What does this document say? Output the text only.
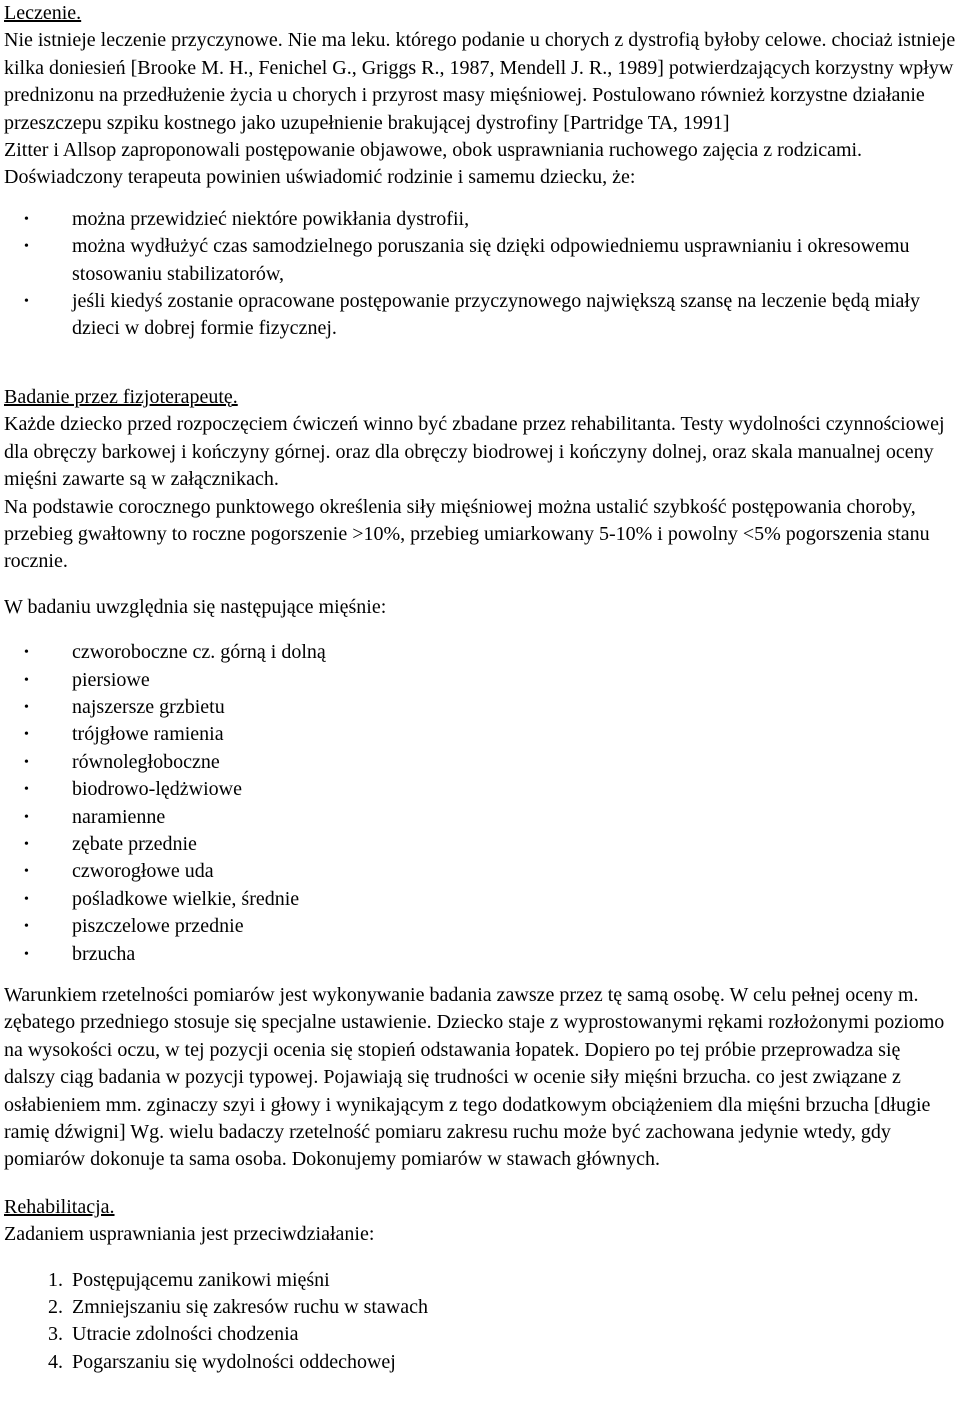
Leczenie.

Nie istnieje leczenie przyczynowe. Nie ma leku. którego podanie u chorych z dystrofią byłoby celowe. chociaż istnieje kilka doniesień [Brooke M. H., Fenichel G., Griggs R., 1987, Mendell J. R., 1989] potwierdzających korzystny wpływ prednizonu na przedłużenie życia u chorych i przyrost masy mięśniowej. Postulowano również korzystne działanie przeszczepu szpiku kostnego jako uzupełnienie brakującej dystrofiny [Partridge TA, 1991]

Zitter i Allsop zaproponowali postępowanie objawowe, obok usprawniania ruchowego zajęcia z rodzicami. Doświadczony terapeuta powinien uświadomić rodzinie i samemu dziecku, że:

• można przewidzieć niektóre powikłania dystrofii,
• można wydłużyć czas samodzielnego poruszania się dzięki odpowiedniemu usprawnianiu i okresowemu stosowaniu stabilizatorów,
• jeśli kiedyś zostanie opracowane postępowanie przyczynowego największą szansę na leczenie będą miały dzieci w dobrej formie fizycznej.

Badanie przez fizjoterapeutę.

Każde dziecko przed rozpoczęciem ćwiczeń winno być zbadane przez rehabilitanta. Testy wydolności czynnościowej dla obręczy barkowej i kończyny górnej. oraz dla obręczy biodrowej i kończyny dolnej, oraz skala manualnej oceny mięśni zawarte są w załącznikach.

Na podstawie corocznego punktowego określenia siły mięśniowej można ustalić szybkość postępowania choroby, przebieg gwałtowny to roczne pogorszenie >10%, przebieg umiarkowany 5-10% i powolny <5% pogorszenia stanu rocznie.

W badaniu uwzględnia się następujące mięśnie:

• czworoboczne cz. górną i dolną
• piersiowe
• najszersze grzbietu
• trójgłowe ramienia
• równoległoboczne
• biodrowo-lędżwiowe
• naramienne
• zębate przednie
• czworogłowe uda
• pośladkowe wielkie, średnie
• piszczelowe przednie
• brzucha

Warunkiem rzetelności pomiarów jest wykonywanie badania zawsze przez tę samą osobę. W celu pełnej oceny m. zębatego przedniego stosuje się specjalne ustawienie. Dziecko staje z wyprostowanymi rękami rozłożonymi poziomo na wysokości oczu, w tej pozycji ocenia się stopień odstawania łopatek. Dopiero po tej próbie przeprowadza się dalszy ciąg badania w pozycji typowej. Pojawiają się trudności w ocenie siły mięśni brzucha. co jest związane z osłabieniem mm. zginaczy szyi i głowy i wynikającym z tego dodatkowym obciążeniem dla mięśni brzucha [długie ramię dźwigni] Wg. wielu badaczy rzetelność pomiaru zakresu ruchu może być zachowana jedynie wtedy, gdy pomiarów dokonuje ta sama osoba. Dokonujemy pomiarów w stawach głównych.

Rehabilitacja.

Zadaniem usprawniania jest przeciwdziałanie:

1. Postępującemu zanikowi mięśni
2. Zmniejszaniu się zakresów ruchu w stawach
3. Utracie zdolności chodzenia
4. Pogarszaniu się wydolności oddechowej
